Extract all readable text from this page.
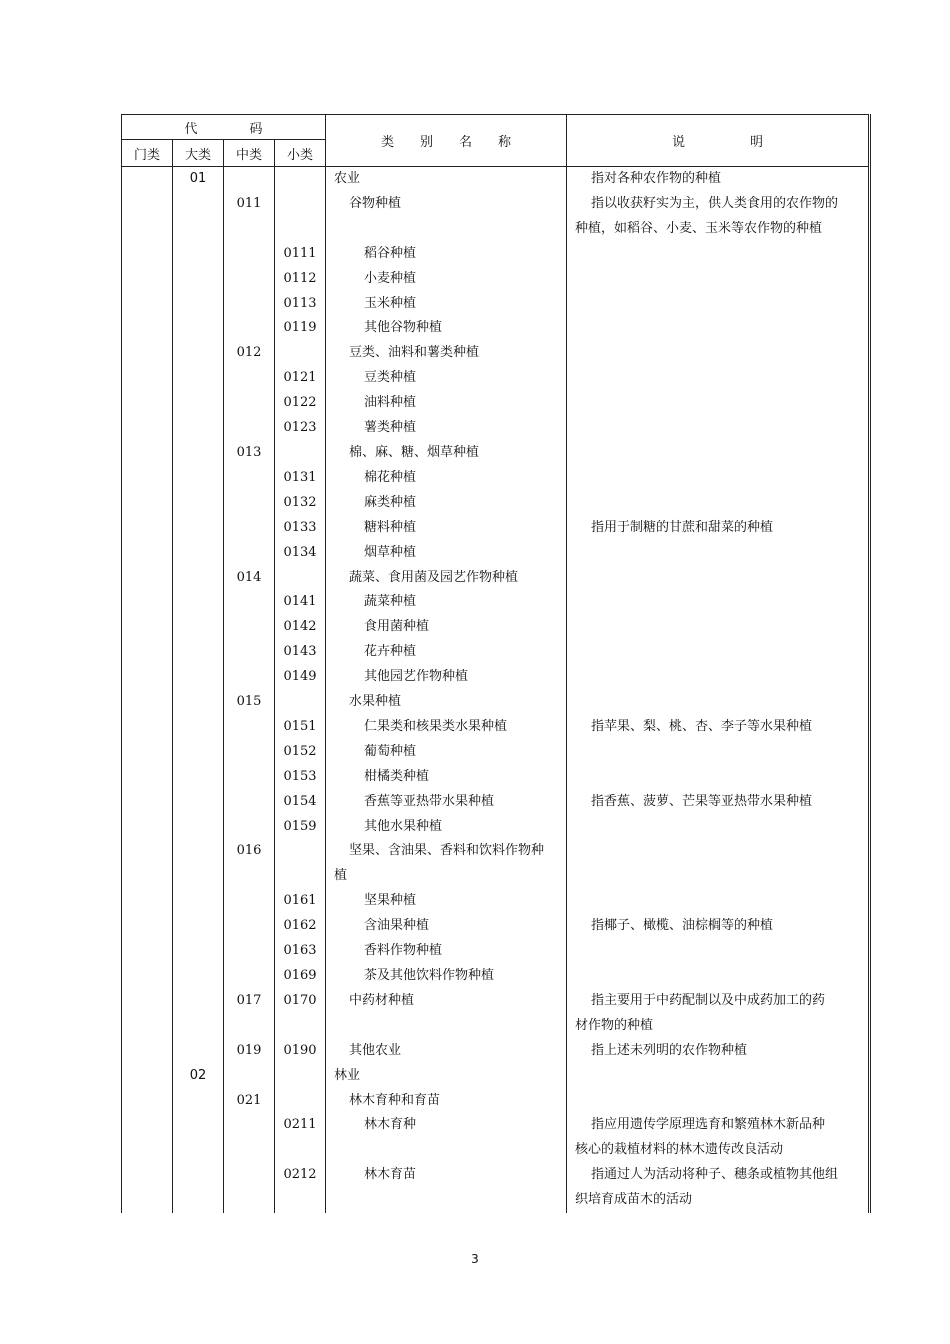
代　　　　码				类　　别　　名　　称	说　　　　　明
门类	大类	中类	小类		
	01			农业	指对各种农作物的种植
		011		谷物种植	指以收获籽实为主，供人类食用的农作物的
					种植，如稻谷、小麦、玉米等农作物的种植
			0111	稻谷种植	
			0112	小麦种植	
			0113	玉米种植	
			0119	其他谷物种植	
		012		豆类、油料和薯类种植	
			0121	豆类种植	
			0122	油料种植	
			0123	薯类种植	
		013		棉、麻、糖、烟草种植	
			0131	棉花种植	
			0132	麻类种植	
			0133	糖料种植	指用于制糖的甘蔗和甜菜的种植
			0134	烟草种植	
		014		蔬菜、食用菌及园艺作物种植	
			0141	蔬菜种植	
			0142	食用菌种植	
			0143	花卉种植	
			0149	其他园艺作物种植	
		015		水果种植	
			0151	仁果类和核果类水果种植	指苹果、梨、桃、杏、李子等水果种植
			0152	葡萄种植	
			0153	柑橘类种植	
			0154	香蕉等亚热带水果种植	指香蕉、菠萝、芒果等亚热带水果种植
			0159	其他水果种植	
		016		坚果、含油果、香料和饮料作物种	
				植	
			0161	坚果种植	
			0162	含油果种植	指椰子、橄榄、油棕榈等的种植
			0163	香料作物种植	
			0169	茶及其他饮料作物种植	
		017	0170	中药材种植	指主要用于中药配制以及中成药加工的药
					材作物的种植
		019	0190	其他农业	指上述未列明的农作物种植
	02			林业	
		021		林木育种和育苗	
			0211	林木育种	指应用遗传学原理选育和繁殖林木新品种
					核心的栽植材料的林木遗传改良活动
			0212	林木育苗	指通过人为活动将种子、穗条或植物其他组
					织培育成苗木的活动
3
